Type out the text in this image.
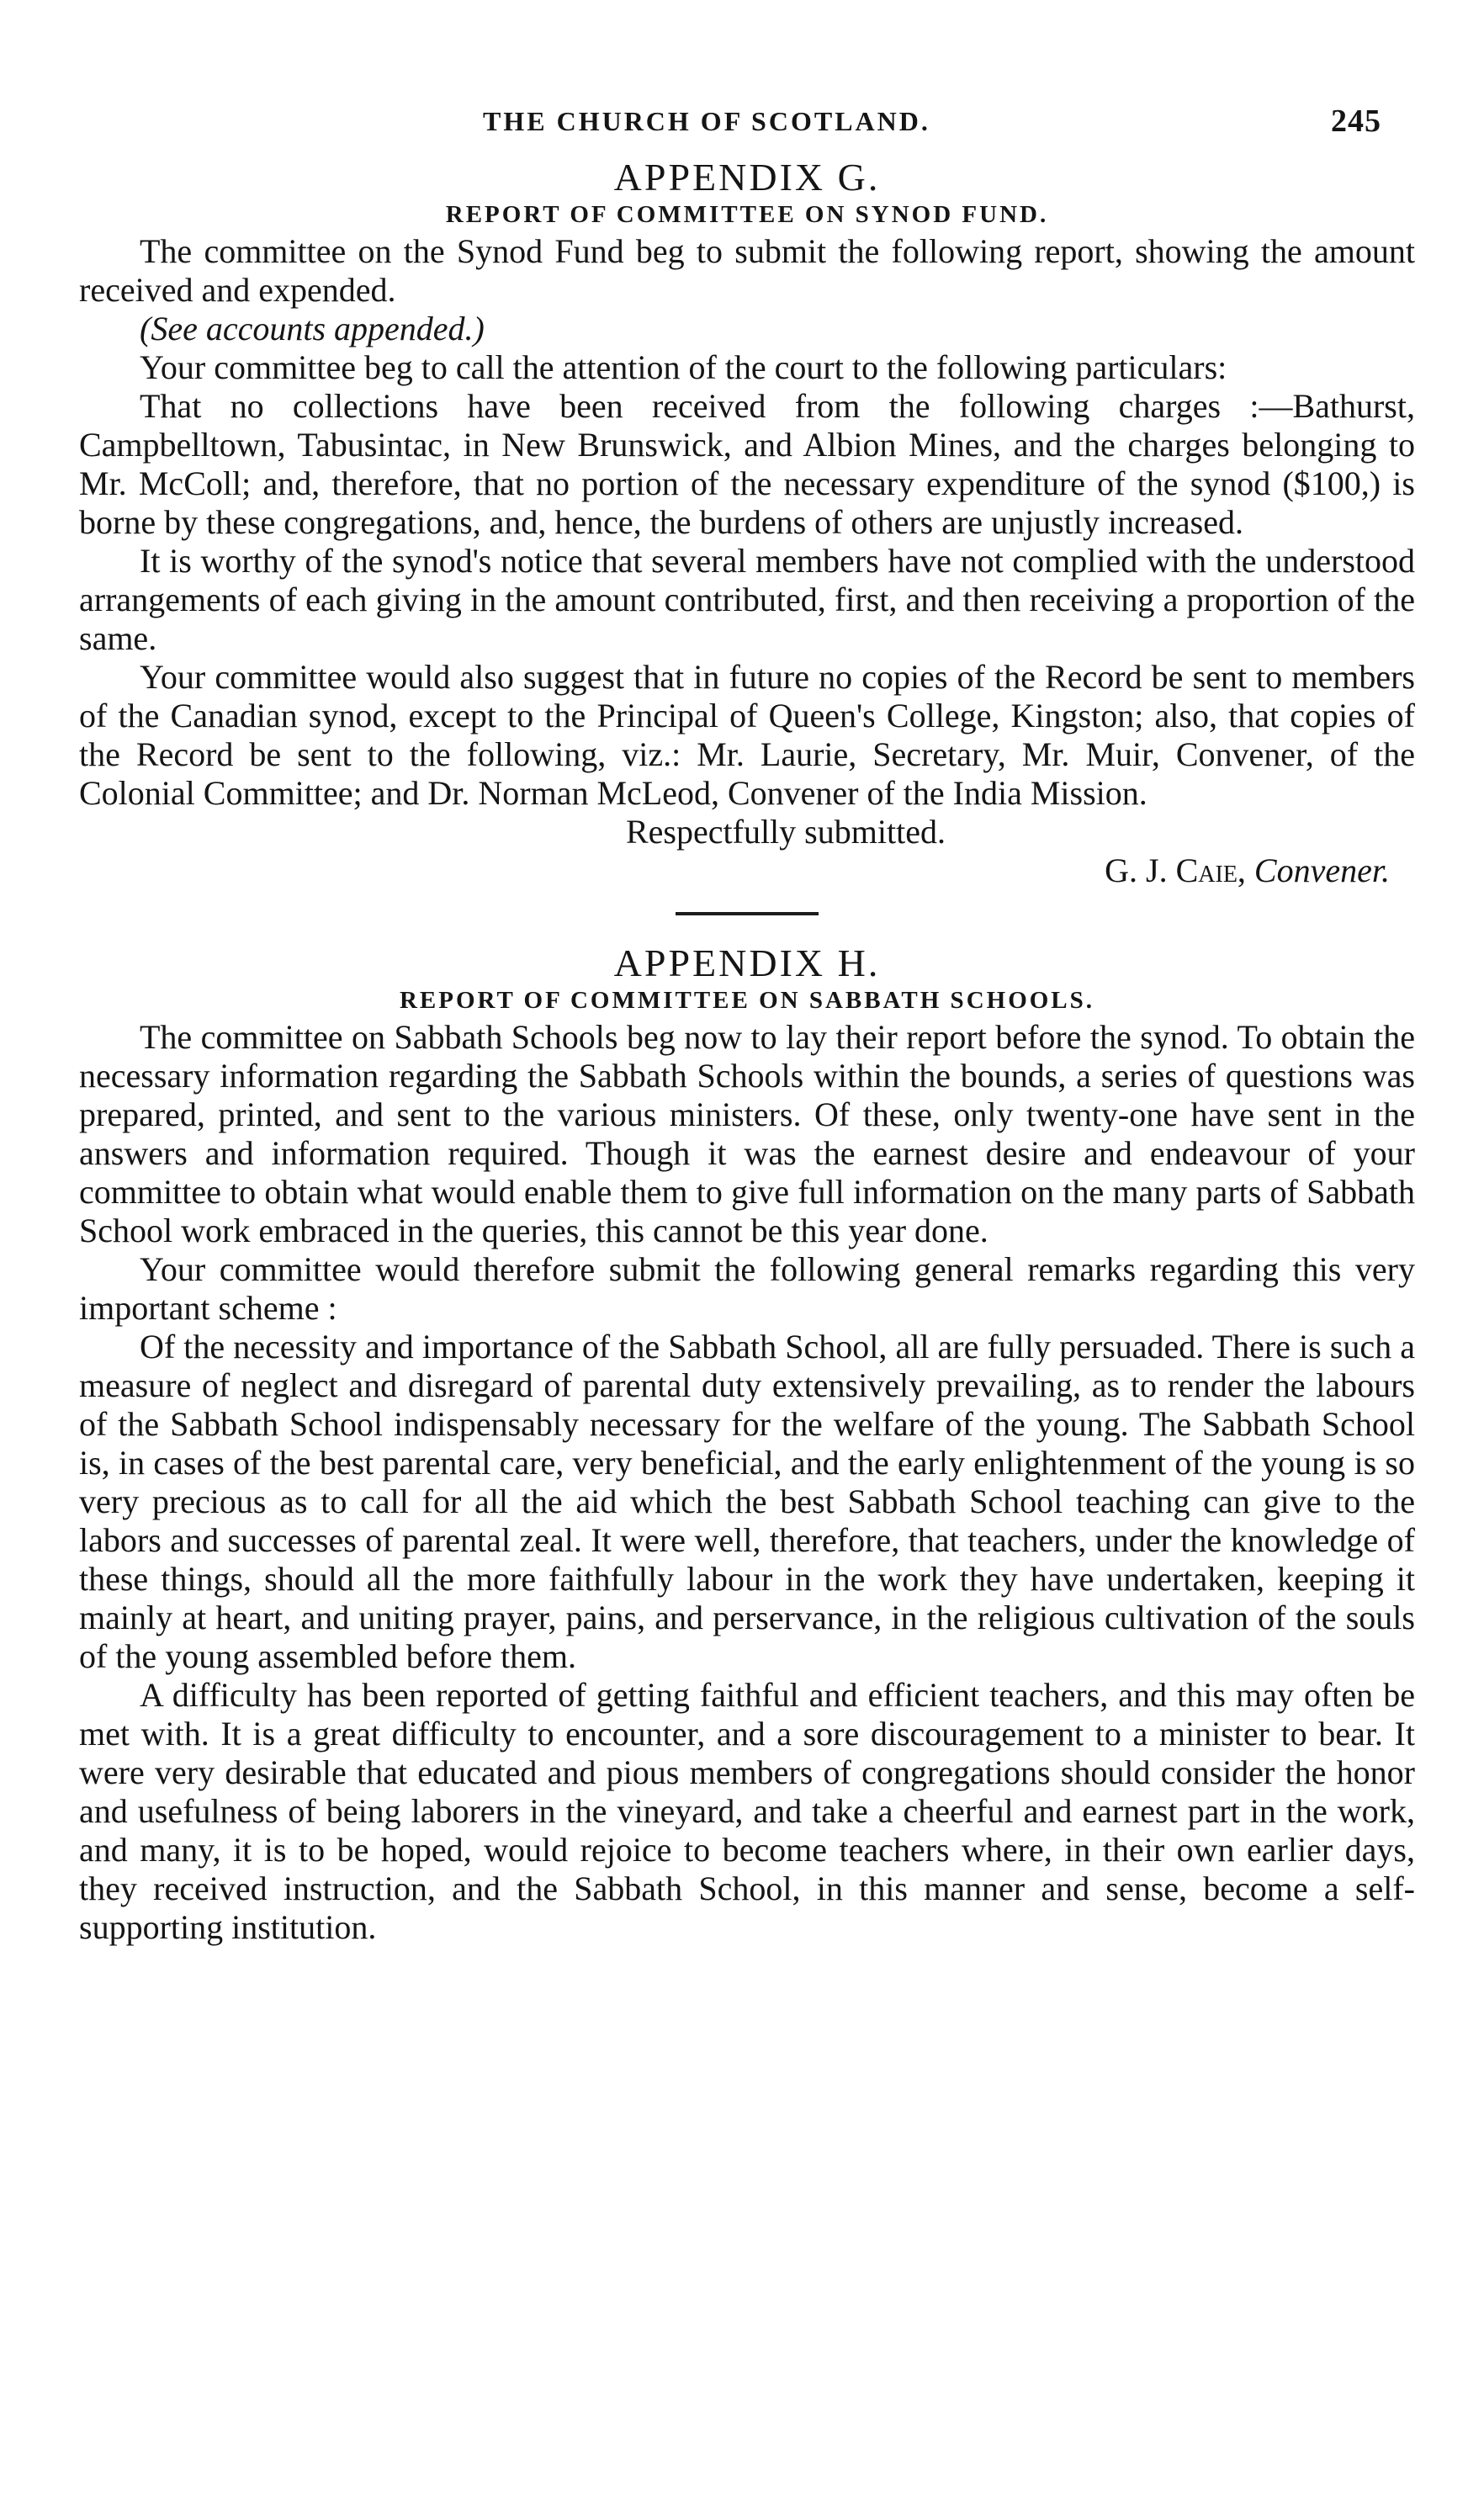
THE CHURCH OF SCOTLAND.	245
APPENDIX G.
REPORT OF COMMITTEE ON SYNOD FUND.

The committee on the Synod Fund beg to submit the following report, showing the amount received and expended.

(See accounts appended.)

Your committee beg to call the attention of the court to the following particulars:

That no collections have been received from the following charges :—Bathurst, Campbelltown, Tabusintac, in New Brunswick, and Albion Mines, and the charges belonging to Mr. McColl; and, therefore, that no portion of the necessary expenditure of the synod ($100,) is borne by these congregations, and, hence, the burdens of others are unjustly increased.

It is worthy of the synod's notice that several members have not complied with the understood arrangements of each giving in the amount contributed, first, and then receiving a proportion of the same.

Your committee would also suggest that in future no copies of the Record be sent to members of the Canadian synod, except to the Principal of Queen's College, Kingston; also, that copies of the Record be sent to the following, viz.: Mr. Laurie, Secretary, Mr. Muir, Convener, of the Colonial Committee; and Dr. Norman McLeod, Convener of the India Mission.

Respectfully submitted.
G. J. Caie, Convener.
APPENDIX H.
REPORT OF COMMITTEE ON SABBATH SCHOOLS.

The committee on Sabbath Schools beg now to lay their report before the synod. To obtain the necessary information regarding the Sabbath Schools within the bounds, a series of questions was prepared, printed, and sent to the various ministers. Of these, only twenty-one have sent in the answers and information required. Though it was the earnest desire and endeavour of your committee to obtain what would enable them to give full information on the many parts of Sabbath School work embraced in the queries, this cannot be this year done.

Your committee would therefore submit the following general remarks regarding this very important scheme :

Of the necessity and importance of the Sabbath School, all are fully persuaded. There is such a measure of neglect and disregard of parental duty extensively prevailing, as to render the labours of the Sabbath School indispensably necessary for the welfare of the young. The Sabbath School is, in cases of the best parental care, very beneficial, and the early enlightenment of the young is so very precious as to call for all the aid which the best Sabbath School teaching can give to the labors and successes of parental zeal. It were well, therefore, that teachers, under the knowledge of these things, should all the more faithfully labour in the work they have undertaken, keeping it mainly at heart, and uniting prayer, pains, and perservance, in the religious cultivation of the souls of the young assembled before them.

A difficulty has been reported of getting faithful and efficient teachers, and this may often be met with. It is a great difficulty to encounter, and a sore discouragement to a minister to bear. It were very desirable that educated and pious members of congregations should consider the honor and usefulness of being laborers in the vineyard, and take a cheerful and earnest part in the work, and many, it is to be hoped, would rejoice to become teachers where, in their own earlier days, they received instruction, and the Sabbath School, in this manner and sense, become a self-supporting institution.
